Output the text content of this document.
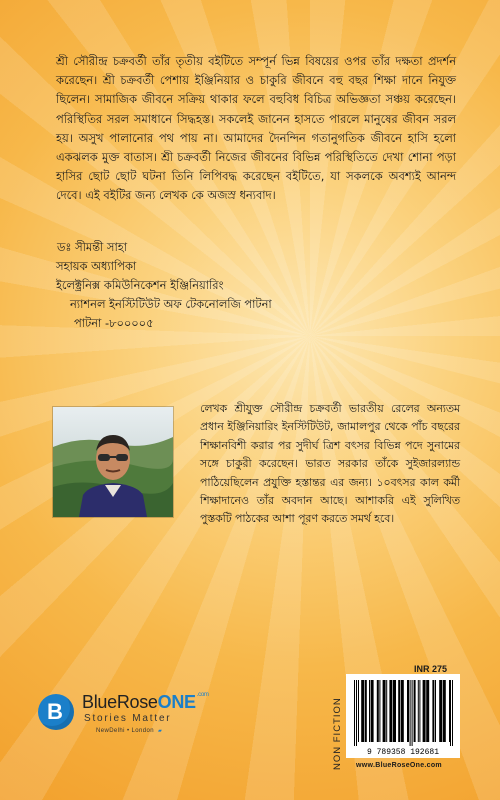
শ্রী সৌরীন্দ্র চক্রবর্তী তাঁর তৃতীয় বইটিতে সম্পূর্ন ভিন্ন বিষয়ের ওপর তাঁর দক্ষতা প্রদর্শন করেছেন। শ্রী চক্রবর্তী পেশায় ইঞ্জিনিয়ার ও চাকুরি জীবনে বহু বছর শিক্ষা দানে নিযুক্ত ছিলেন। সামাজিক জীবনে সক্রিয় থাকার ফলে বহুবিধ বিচিত্র অভিজ্ঞতা সঞ্চয় করেছেন। পরিস্থিতির সরল সমাধানে সিদ্ধহস্ত। সকলেই জানেন হাসতে পারলে মানুষের জীবন সরল হয়। অসুখ পালানোর পথ পায় না। আমাদের দৈনন্দিন গতানুগতিক জীবনে হাসি হলো একঝলক মুক্ত বাতাস। শ্রী চক্রবর্তী নিজের জীবনের বিভিন্ন পরিস্থিতিতে দেখা শোনা পড়া হাসির ছোট ছোট ঘটনা তিনি লিপিবদ্ধ করেছেন বইটিতে, যা সকলকে অবশ্যই আনন্দ দেবে। এই বইটির জন্য লেখক কে অজস্র ধন্যবাদ।

ডঃ সীমন্তী সাহা
সহায়ক অধ্যাপিকা
ইলেক্ট্রনিক্স কমিউনিকেশন ইঞ্জিনিয়ারিং
ন্যাশনল ইনস্টিটিউট অফ টেকনোলজি পাটনা
পাটনা -৮০০০০৫

লেখক শ্রীযুক্ত সৌরীন্দ্র চক্রবর্তী ভারতীয় রেলের অন্যতম প্রধান ইঞ্জিনিয়ারিং ইনস্টিটিউট, জামালপুর থেকে পাঁচ বছরের শিক্ষানবিশী করার পর সুদীর্ঘ ত্রিশ বৎসর বিভিন্ন পদে সুনামের সঙ্গে চাকুরী করেছেন। ভারত সরকার তাঁকে সুইজারল্যান্ড পাঠিয়েছিলেন প্রযুক্তি হস্তান্তর এর জন্য। ১০বৎসর কাল কর্মী শিক্ষাদানেও তাঁর অবদান আছে। আশাকরি এই সুলিখিত পুস্তকটি পাঠকের আশা পূরণ করতে সমর্থ হবে।

B BlueRoseONE$^{.com}$
Stories Matter
NewDelhi • London ▰	NON FICTION
INR 275
9 789358 192681
www.BlueRoseOne.com
